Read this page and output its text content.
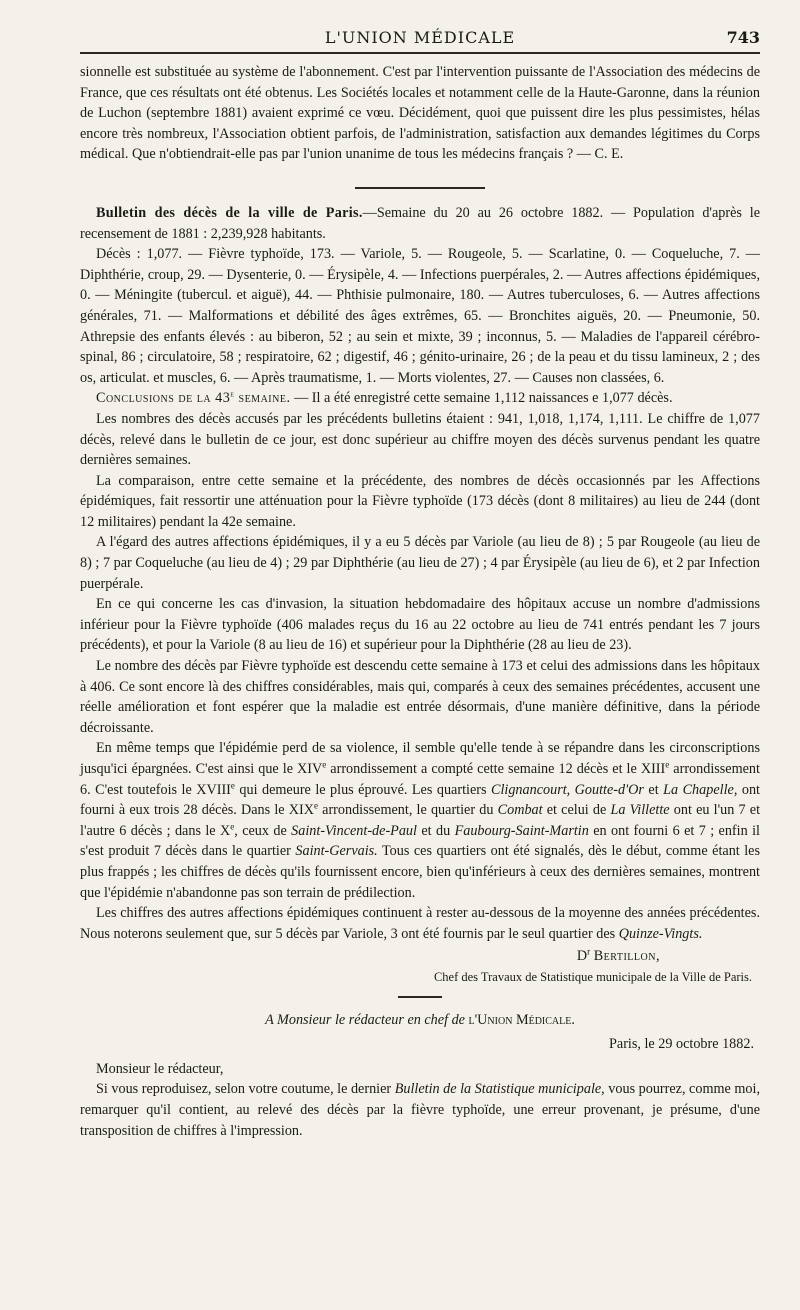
L'UNION MÉDICALE	743

sionnelle est substituée au système de l'abonnement. C'est par l'intervention puissante de l'Association des médecins de France, que ces résultats ont été obtenus. Les Sociétés locales et notamment celle de la Haute-Garonne, dans la réunion de Luchon (septembre 1881) avaient exprimé ce vœu. Décidément, quoi que puissent dire les plus pessimistes, hélas encore très nombreux, l'Association obtient parfois, de l'administration, satisfaction aux demandes légitimes du Corps médical. Que n'obtiendrait-elle pas par l'union unanime de tous les médecins français ? — C. E.

Bulletin des décès de la ville de Paris.—Semaine du 20 au 26 octobre 1882. — Population d'après le recensement de 1881 : 2,239,928 habitants.

Décès : 1,077. — Fièvre typhoïde, 173. — Variole, 5. — Rougeole, 5. — Scarlatine, 0. — Coqueluche, 7. — Diphthérie, croup, 29. — Dysenterie, 0. — Érysipèle, 4. — Infections puerpérales, 2. — Autres affections épidémiques, 0. — Méningite (tubercul. et aiguë), 44. — Phthisie pulmonaire, 180. — Autres tuberculoses, 6. — Autres affections générales, 71. — Malformations et débilité des âges extrêmes, 65. — Bronchites aiguës, 20. — Pneumonie, 50. Athrepsie des enfants élevés : au biberon, 52 ; au sein et mixte, 39 ; inconnus, 5. — Maladies de l'appareil cérébro-spinal, 86 ; circulatoire, 58 ; respiratoire, 62 ; digestif, 46 ; génito-urinaire, 26 ; de la peau et du tissu lamineux, 2 ; des os, articulat. et muscles, 6. — Après traumatisme, 1. — Morts violentes, 27. — Causes non classées, 6.

Conclusions de la 43e semaine. — Il a été enregistré cette semaine 1,112 naissances e 1,077 décès.

Les nombres des décès accusés par les précédents bulletins étaient : 941, 1,018, 1,174, 1,111. Le chiffre de 1,077 décès, relevé dans le bulletin de ce jour, est donc supérieur au chiffre moyen des décès survenus pendant les quatre dernières semaines.

La comparaison, entre cette semaine et la précédente, des nombres de décès occasionnés par les Affections épidémiques, fait ressortir une atténuation pour la Fièvre typhoïde (173 décès (dont 8 militaires) au lieu de 244 (dont 12 militaires) pendant la 42e semaine.

A l'égard des autres affections épidémiques, il y a eu 5 décès par Variole (au lieu de 8) ; 5 par Rougeole (au lieu de 8) ; 7 par Coqueluche (au lieu de 4) ; 29 par Diphthérie (au lieu de 27) ; 4 par Érysipèle (au lieu de 6), et 2 par Infection puerpérale.

En ce qui concerne les cas d'invasion, la situation hebdomadaire des hôpitaux accuse un nombre d'admissions inférieur pour la Fièvre typhoïde (406 malades reçus du 16 au 22 octobre au lieu de 741 entrés pendant les 7 jours précédents), et pour la Variole (8 au lieu de 16) et supérieur pour la Diphthérie (28 au lieu de 23).

Le nombre des décès par Fièvre typhoïde est descendu cette semaine à 173 et celui des admissions dans les hôpitaux à 406. Ce sont encore là des chiffres considérables, mais qui, comparés à ceux des semaines précédentes, accusent une réelle amélioration et font espérer que la maladie est entrée désormais, d'une manière définitive, dans la période décroissante.

En même temps que l'épidémie perd de sa violence, il semble qu'elle tende à se répandre dans les circonscriptions jusqu'ici épargnées. C'est ainsi que le XIVe arrondissement a compté cette semaine 12 décès et le XIIIe arrondissement 6. C'est toutefois le XVIIIe qui demeure le plus éprouvé. Les quartiers Clignancourt, Goutte-d'Or et La Chapelle, ont fourni à eux trois 28 décès. Dans le XIXe arrondissement, le quartier du Combat et celui de La Villette ont eu l'un 7 et l'autre 6 décès ; dans le Xe, ceux de Saint-Vincent-de-Paul et du Faubourg-Saint-Martin en ont fourni 6 et 7 ; enfin il s'est produit 7 décès dans le quartier Saint-Gervais. Tous ces quartiers ont été signalés, dès le début, comme étant les plus frappés ; les chiffres de décès qu'ils fournissent encore, bien qu'inférieurs à ceux des dernières semaines, montrent que l'épidémie n'abandonne pas son terrain de prédilection.

Les chiffres des autres affections épidémiques continuent à rester au-dessous de la moyenne des années précédentes. Nous noterons seulement que, sur 5 décès par Variole, 3 ont été fournis par le seul quartier des Quinze-Vingts.

$D^r$ Bertillon,
Chef des Travaux de Statistique municipale de la Ville de Paris.
A Monsieur le rédacteur en chef de l'Union Médicale.
Paris, le 29 octobre 1882.
Monsieur le rédacteur,

Si vous reproduisez, selon votre coutume, le dernier Bulletin de la Statistique municipale, vous pourrez, comme moi, remarquer qu'il contient, au relevé des décès par la fièvre typhoïde, une erreur provenant, je présume, d'une transposition de chiffres à l'impression.
